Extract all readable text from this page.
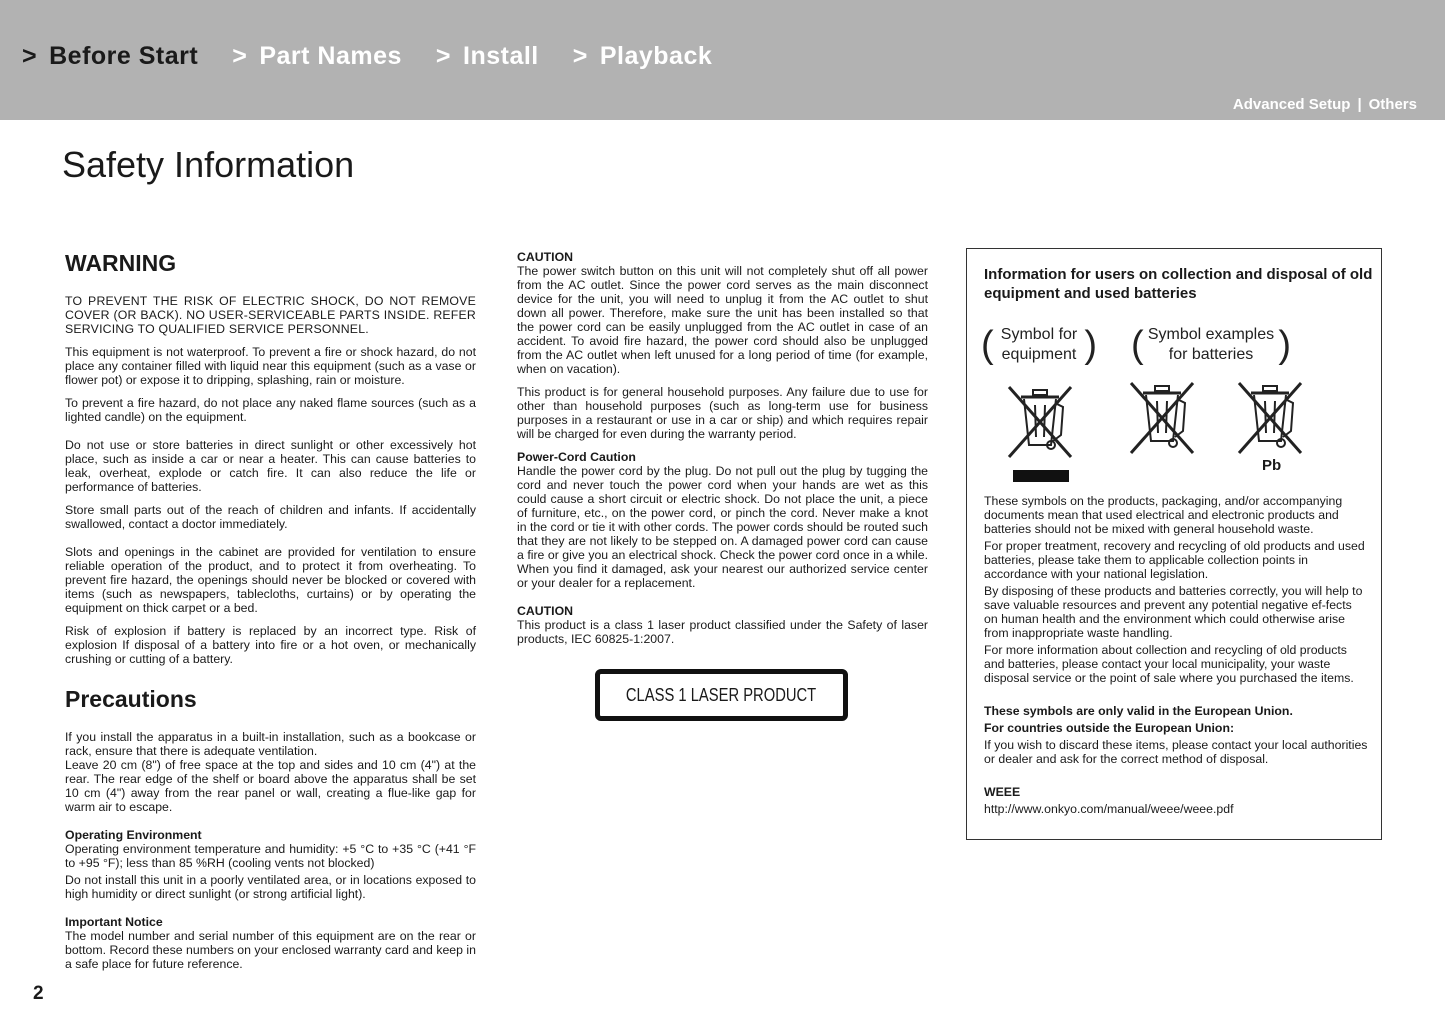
> Before Start > Part Names > Install > Playback
Advanced Setup | Others
Safety Information
WARNING

TO PREVENT THE RISK OF ELECTRIC SHOCK, DO NOT REMOVE COVER (OR BACK). NO USER-SERVICEABLE PARTS INSIDE. REFER SERVICING TO QUALIFIED SERVICE PERSONNEL.

This equipment is not waterproof. To prevent a fire or shock hazard, do not place any container filled with liquid near this equipment (such as a vase or flower pot) or expose it to dripping, splashing, rain or moisture.

To prevent a fire hazard, do not place any naked flame sources (such as a lighted candle) on the equipment.

Do not use or store batteries in direct sunlight or other excessively hot place, such as inside a car or near a heater. This can cause batteries to leak, overheat, explode or catch fire. It can also reduce the life or performance of batteries.

Store small parts out of the reach of children and infants. If accidentally swallowed, contact a doctor immediately.

Slots and openings in the cabinet are provided for ventilation to ensure reliable operation of the product, and to protect it from overheating. To prevent fire hazard, the openings should never be blocked or covered with items (such as newspapers, tablecloths, curtains) or by operating the equipment on thick carpet or a bed.

Risk of explosion if battery is replaced by an incorrect type. Risk of explosion If disposal of a battery into fire or a hot oven, or mechanically crushing or cutting of a battery.

Precautions

If you install the apparatus in a built-in installation, such as a bookcase or rack, ensure that there is adequate ventilation.

Leave 20 cm (8") of free space at the top and sides and 10 cm (4") at the rear. The rear edge of the shelf or board above the apparatus shall be set 10 cm (4") away from the rear panel or wall, creating a flue-like gap for warm air to escape.

Operating Environment

Operating environment temperature and humidity: +5 °C to +35 °C (+41 °F to +95 °F); less than 85 %RH (cooling vents not blocked)

Do not install this unit in a poorly ventilated area, or in locations exposed to high humidity or direct sunlight (or strong artificial light).

Important Notice

The model number and serial number of this equipment are on the rear or bottom. Record these numbers on your enclosed warranty card and keep in a safe place for future reference.

CAUTION

The power switch button on this unit will not completely shut off all power from the AC outlet. Since the power cord serves as the main disconnect device for the unit, you will need to unplug it from the AC outlet to shut down all power. Therefore, make sure the unit has been installed so that the power cord can be easily unplugged from the AC outlet in case of an accident. To avoid fire hazard, the power cord should also be unplugged from the AC outlet when left unused for a long period of time (for example, when on vacation).

This product is for general household purposes. Any failure due to use for other than household purposes (such as long-term use for business purposes in a restaurant or use in a car or ship) and which requires repair will be charged for even during the warranty period.

Power-Cord Caution

Handle the power cord by the plug. Do not pull out the plug by tugging the cord and never touch the power cord when your hands are wet as this could cause a short circuit or electric shock. Do not place the unit, a piece of furniture, etc., on the power cord, or pinch the cord. Never make a knot in the cord or tie it with other cords. The power cords should be routed such that they are not likely to be stepped on. A damaged power cord can cause a fire or give you an electrical shock. Check the power cord once in a while. When you find it damaged, ask your nearest our authorized service center or your dealer for a replacement.

CAUTION

This product is a class 1 laser product classified under the Safety of laser products, IEC 60825-1:2007.

CLASS 1 LASER PRODUCT
Information for users on collection and disposal of old equipment and used batteries
( Symbol for
equipment ) ( Symbol examples
for batteries )
Pb

These symbols on the products, packaging, and/or accompanying documents mean that used electrical and electronic products and batteries should not be mixed with general household waste.

For proper treatment, recovery and recycling of old products and used batteries, please take them to applicable collection points in accordance with your national legislation.

By disposing of these products and batteries correctly, you will help to save valuable resources and prevent any potential negative ef-fects on human health and the environment which could otherwise arise from inappropriate waste handling.

For more information about collection and recycling of old products and batteries, please contact your local municipality, your waste disposal service or the point of sale where you purchased the items.

These symbols are only valid in the European Union.

For countries outside the European Union:

If you wish to discard these items, please contact your local authorities or dealer and ask for the correct method of disposal.

WEEE

http://www.onkyo.com/manual/weee/weee.pdf

2
